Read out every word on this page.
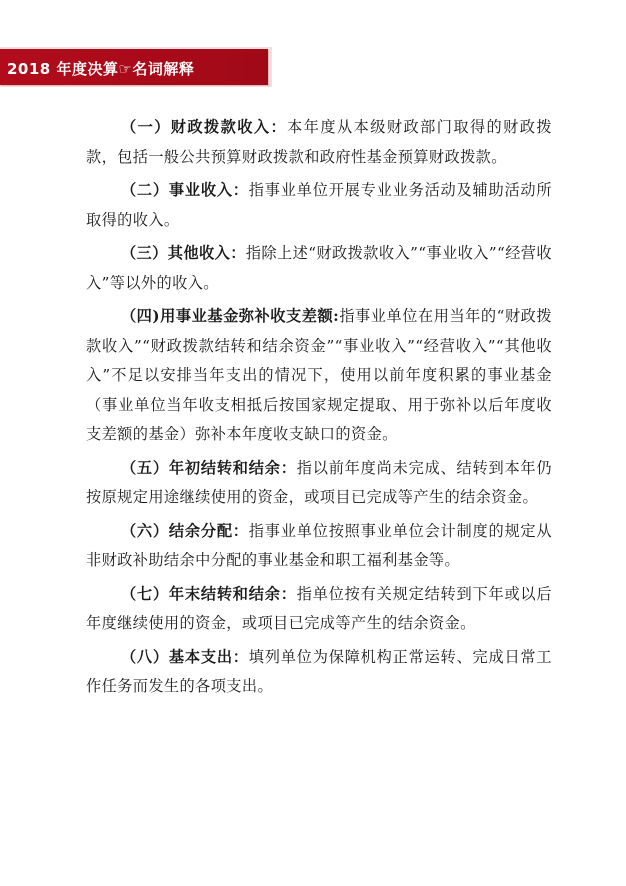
2018 年度决算☞名词解释

（一）财政拨款收入：本年度从本级财政部门取得的财政拨款，包括一般公共预算财政拨款和政府性基金预算财政拨款。

（二）事业收入：指事业单位开展专业业务活动及辅助活动所取得的收入。

（三）其他收入：指除上述“财政拨款收入”“事业收入”“经营收入”等以外的收入。

（四)用事业基金弥补收支差额:指事业单位在用当年的“财政拨款收入”“财政拨款结转和结余资金”“事业收入”“经营收入”“其他收入”不足以安排当年支出的情况下，使用以前年度积累的事业基金（事业单位当年收支相抵后按国家规定提取、用于弥补以后年度收支差额的基金）弥补本年度收支缺口的资金。

（五）年初结转和结余：指以前年度尚未完成、结转到本年仍按原规定用途继续使用的资金，或项目已完成等产生的结余资金。

（六）结余分配：指事业单位按照事业单位会计制度的规定从非财政补助结余中分配的事业基金和职工福利基金等。

（七）年末结转和结余：指单位按有关规定结转到下年或以后年度继续使用的资金，或项目已完成等产生的结余资金。

（八）基本支出：填列单位为保障机构正常运转、完成日常工作任务而发生的各项支出。
